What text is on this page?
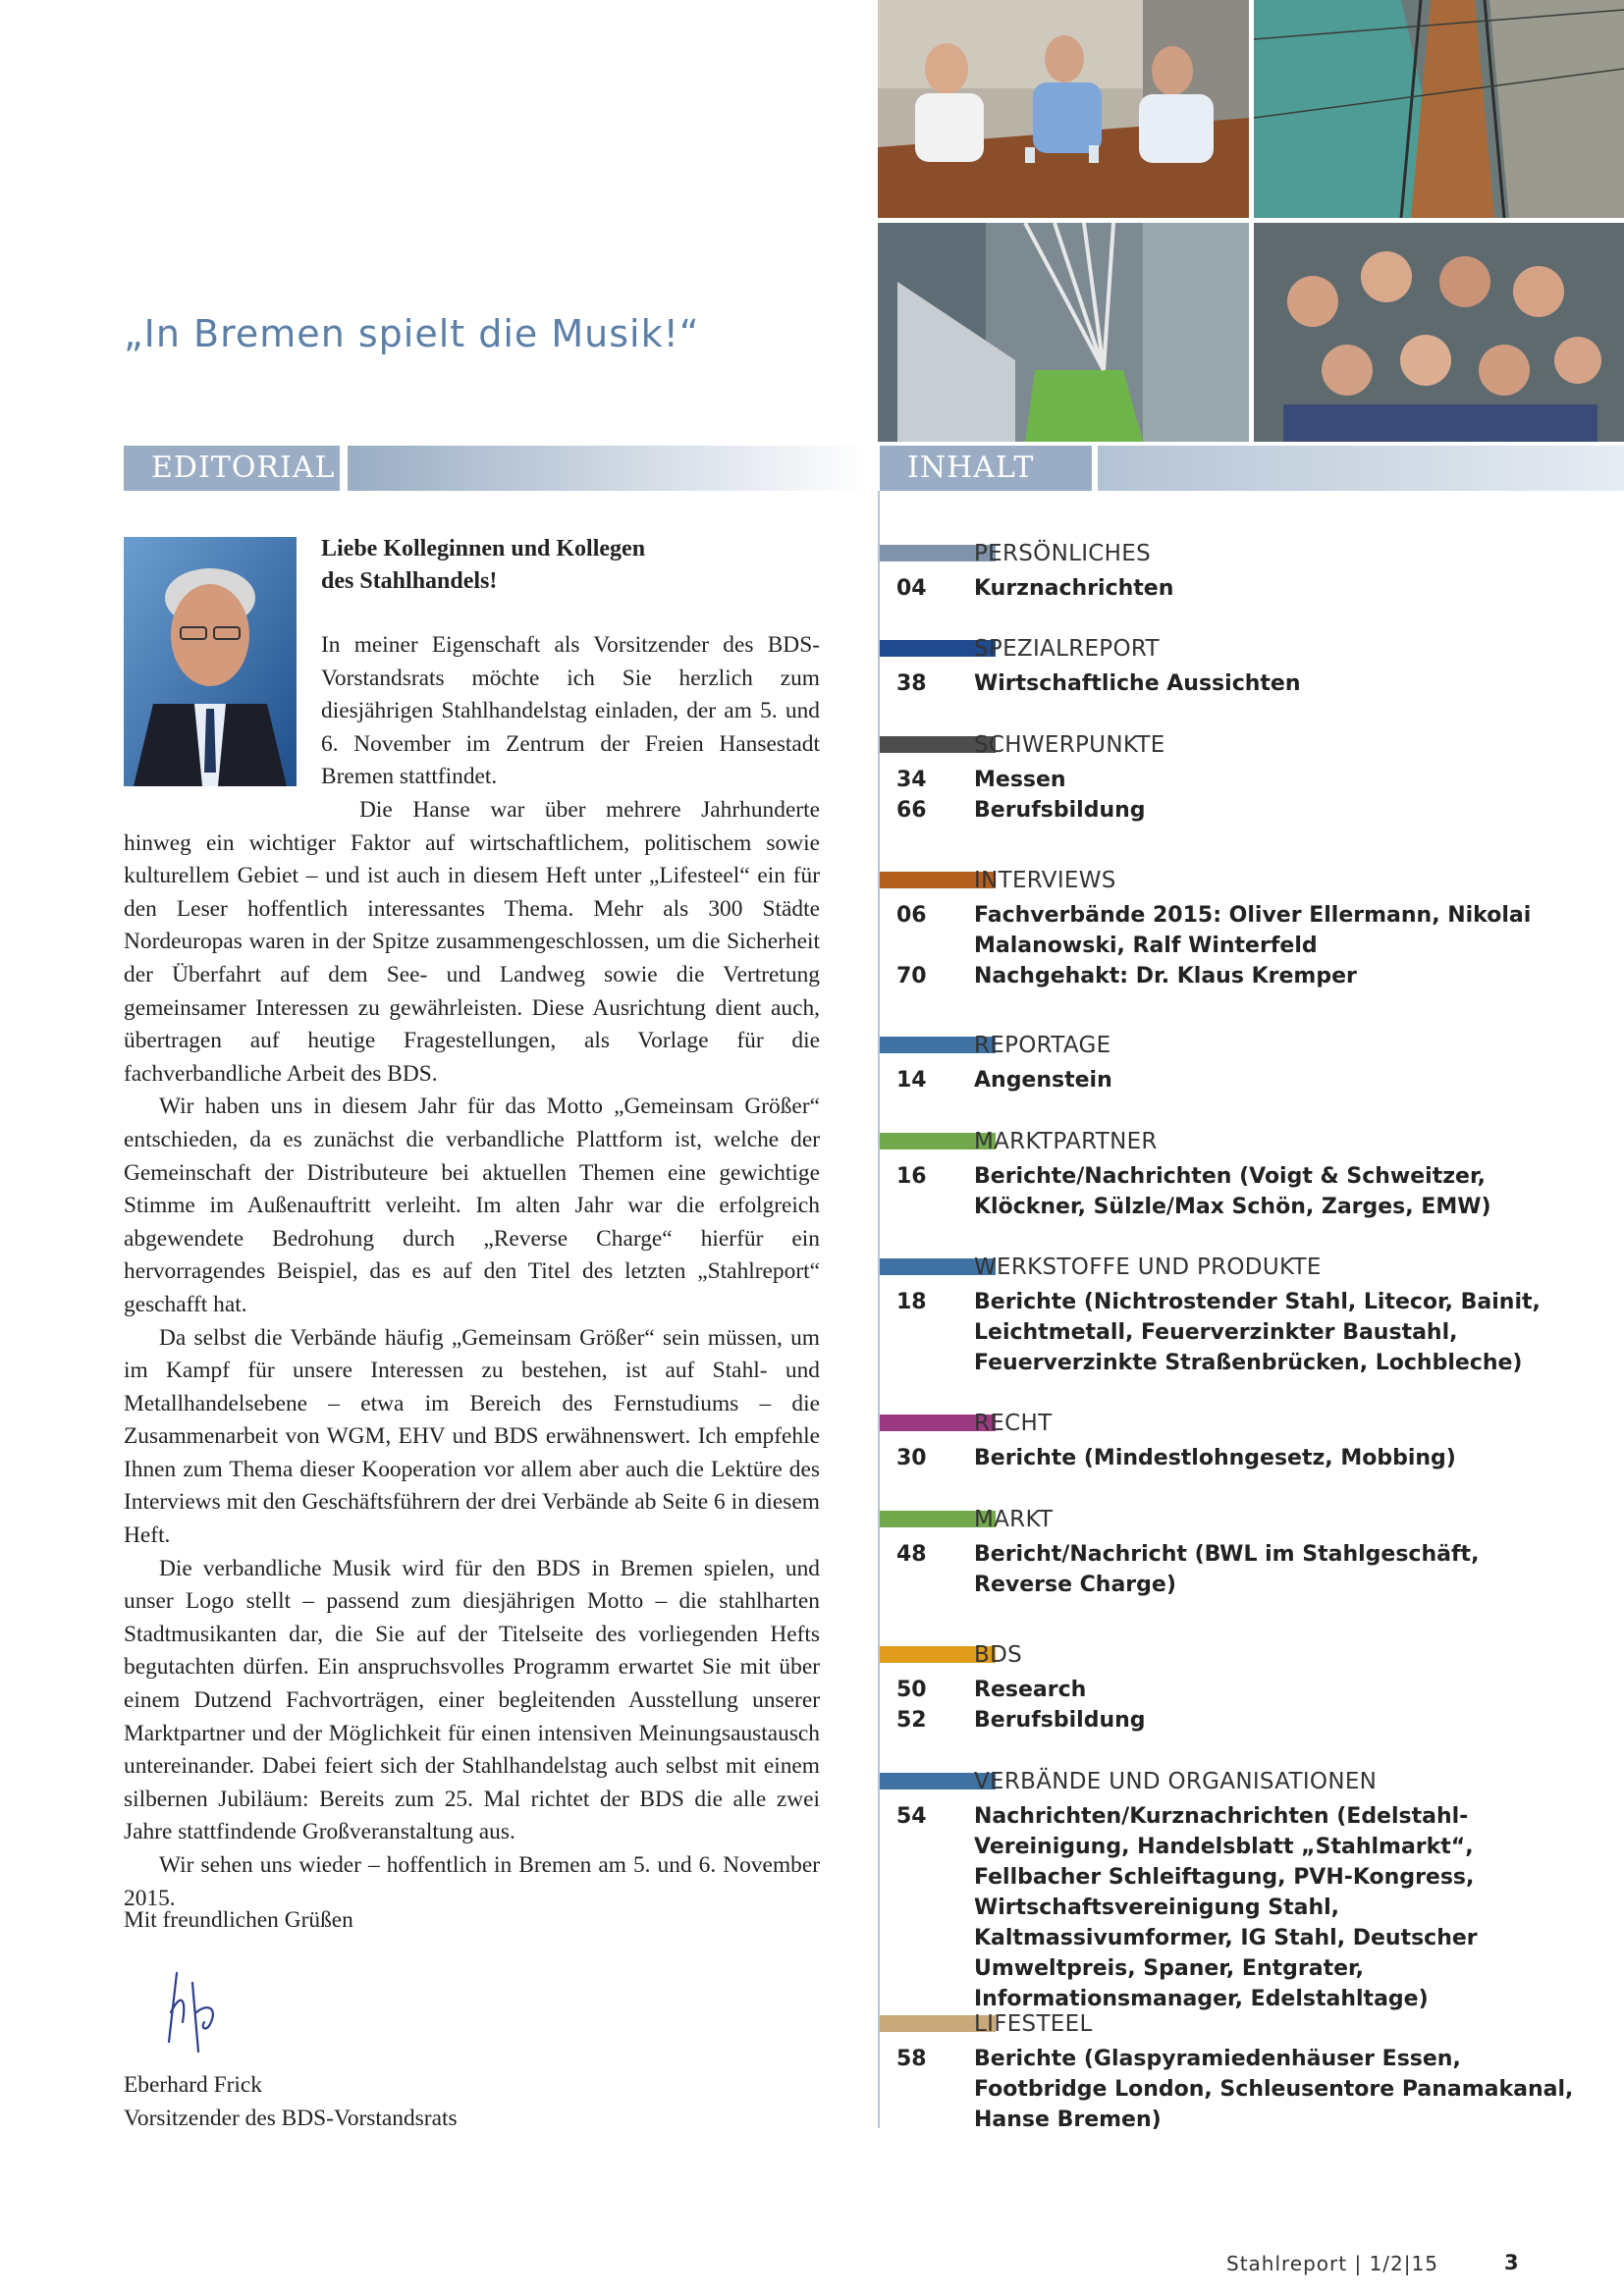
„In Bremen spielt die Musik!“
EDITORIAL	INHALT
Liebe Kolleginnen und Kollegen
des Stahlhandels!
In meiner Eigenschaft als Vorsitzender des BDS-Vorstandsrats möchte ich Sie herzlich zum diesjährigen Stahlhandelstag einladen, der am 5. und 6. November im Zentrum der Freien Hansestadt Bremen stattfindet.

Die Hanse war über mehrere Jahrhunderte hinweg ein wichtiger Faktor auf wirtschaftlichem, politischem sowie kulturellem Gebiet – und ist auch in diesem Heft unter „Lifesteel“ ein für den Leser hoffentlich interessantes Thema. Mehr als 300 Städte Nordeuropas waren in der Spitze zusammengeschlossen, um die Sicherheit der Überfahrt auf dem See- und Landweg sowie die Vertretung gemeinsamer Interessen zu gewährleisten. Diese Ausrichtung dient auch, übertragen auf heutige Fragestellungen, als Vorlage für die fachverbandliche Arbeit des BDS.

Wir haben uns in diesem Jahr für das Motto „Gemeinsam Größer“ entschieden, da es zunächst die verbandliche Plattform ist, welche der Gemeinschaft der Distributeure bei aktuellen Themen eine gewichtige Stimme im Außenauftritt verleiht. Im alten Jahr war die erfolgreich abgewendete Bedrohung durch „Reverse Charge“ hierfür ein hervorragendes Beispiel, das es auf den Titel des letzten „Stahlreport“ geschafft hat.

Da selbst die Verbände häufig „Gemeinsam Größer“ sein müssen, um im Kampf für unsere Interessen zu bestehen, ist auf Stahl- und Metallhandelsebene – etwa im Bereich des Fernstudiums – die Zusammenarbeit von WGM, EHV und BDS erwähnenswert. Ich empfehle Ihnen zum Thema dieser Kooperation vor allem aber auch die Lektüre des Interviews mit den Geschäftsführern der drei Verbände ab Seite 6 in diesem Heft.

Die verbandliche Musik wird für den BDS in Bremen spielen, und unser Logo stellt – passend zum diesjährigen Motto – die stahlharten Stadtmusikanten dar, die Sie auf der Titelseite des vorliegenden Hefts begutachten dürfen. Ein anspruchsvolles Programm erwartet Sie mit über einem Dutzend Fachvorträgen, einer begleitenden Ausstellung unserer Marktpartner und der Möglichkeit für einen intensiven Meinungsaustausch untereinander. Dabei feiert sich der Stahlhandelstag auch selbst mit einem silbernen Jubiläum: Bereits zum 25. Mal richtet der BDS die alle zwei Jahre stattfindende Großveranstaltung aus.

Wir sehen uns wieder – hoffentlich in Bremen am 5. und 6. November 2015.

Mit freundlichen Grüßen
Eberhard Frick
Vorsitzender des BDS-Vorstandsrats
PERSÖNLICHES
04 Kurznachrichten
SPEZIALREPORT
38 Wirtschaftliche Aussichten
SCHWERPUNKTE
34 Messen
66 Berufsbildung
INTERVIEWS
06 Fachverbände 2015: Oliver Ellermann, Nikolai Malanowski, Ralf Winterfeld
70 Nachgehakt: Dr. Klaus Kremper
REPORTAGE
14 Angenstein
MARKTPARTNER
16 Berichte/Nachrichten (Voigt & Schweitzer, Klöckner, Sülzle/Max Schön, Zarges, EMW)
WERKSTOFFE UND PRODUKTE
18 Berichte (Nichtrostender Stahl, Litecor, Bainit, Leichtmetall, Feuerverzinkter Baustahl, Feuerverzinkte Straßenbrücken, Lochbleche)
RECHT
30 Berichte (Mindestlohngesetz, Mobbing)
MARKT
48 Bericht/Nachricht (BWL im Stahlgeschäft, Reverse Charge)
BDS
50 Research
52 Berufsbildung
VERBÄNDE UND ORGANISATIONEN
54 Nachrichten/Kurznachrichten (Edelstahl-Vereinigung, Handelsblatt „Stahlmarkt“, Fellbacher Schleiftagung, PVH-Kongress, Wirtschaftsvereinigung Stahl, Kaltmassivumformer, IG Stahl, Deutscher Umweltpreis, Spaner, Entgrater, Informationsmanager, Edelstahltage)
LIFESTEEL
58 Berichte (Glaspyramiedenhäuser Essen, Footbridge London, Schleusentore Panamakanal, Hanse Bremen)
Stahlreport | 1/2|15	3
